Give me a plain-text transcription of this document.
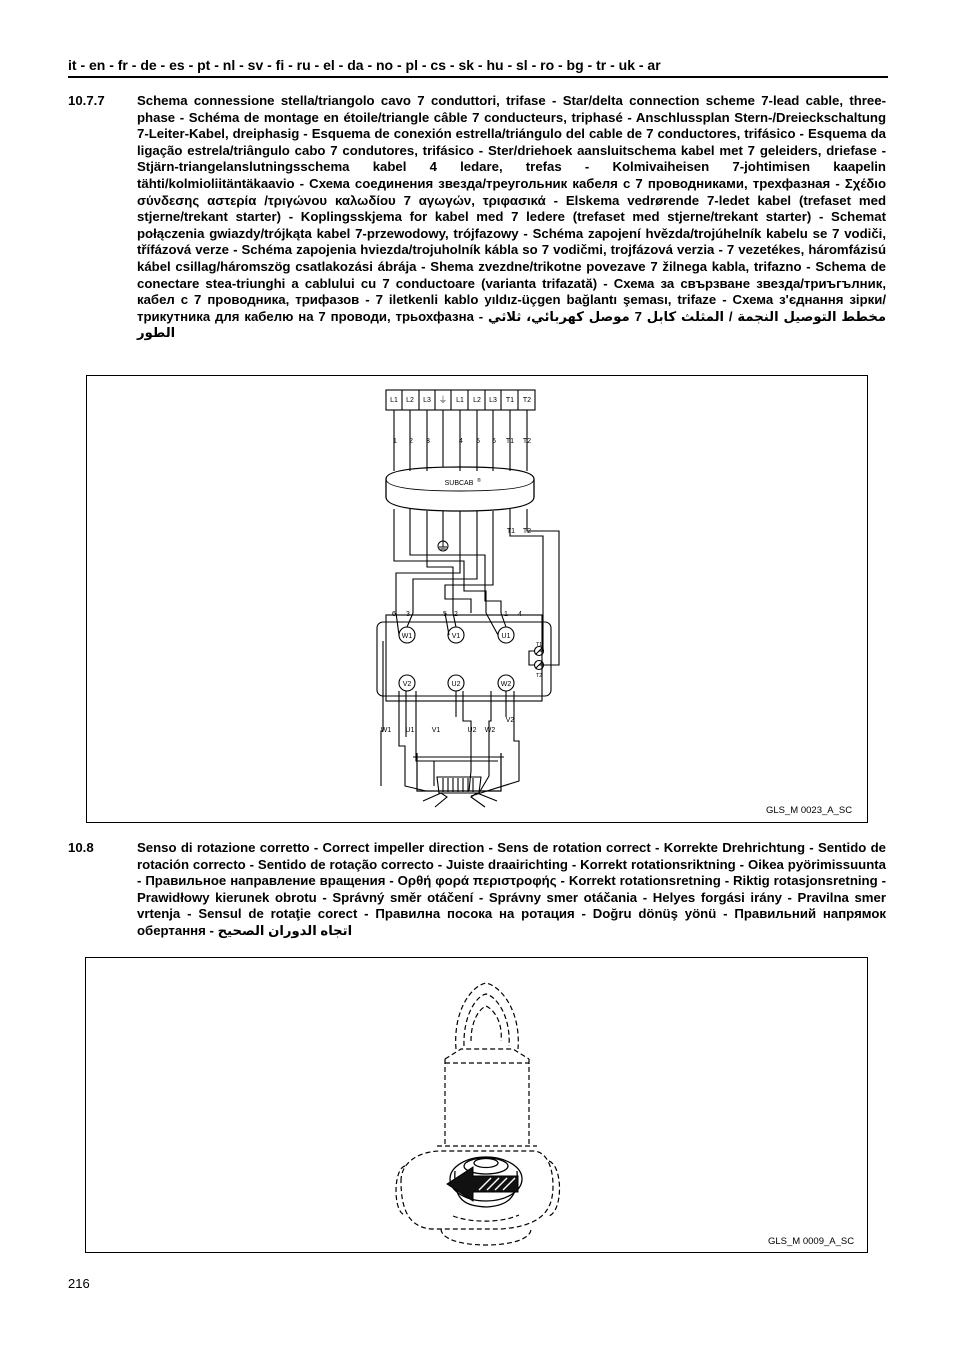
it - en - fr - de - es - pt - nl - sv - fi - ru - el - da - no - pl - cs - sk - hu - sl - ro - bg - tr - uk - ar
10.7.7 Schema connessione stella/triangolo cavo 7 conduttori, trifase - Star/delta connection scheme 7-lead cable, three-phase - Schéma de montage en étoile/triangle câble 7 conducteurs, triphasé - Anschlussplan Stern-/Dreieckschaltung 7-Leiter-Kabel, dreiphasig - Esquema de conexión estrella/triángulo del cable de 7 conductores, trifásico - Esquema da ligação estrela/triângulo cabo 7 condutores, trifásico - Ster/driehoek aansluitschema kabel met 7 geleiders, driefase - Stjärn-triangelanslutningsschema kabel 4 ledare, trefas - Kolmivaiheisen 7-johtimisen kaapelin tähti/kolmioliitäntäkaavio - Схема соединения звезда/треугольник кабеля с 7 проводниками, трехфазная - Σχέδιο σύνδεσης αστερία /τριγώνου καλωδίου 7 αγωγών, τριφασικά - Elskema vedrørende 7-ledet kabel (trefaset med stjerne/trekant starter) - Koplingsskjema for kabel med 7 ledere (trefaset med stjerne/trekant starter) - Schemat połączenia gwiazdy/trójkąta kabel 7-przewodowy, trójfazowy - Schéma zapojení hvězda/trojúhelník kabelu se 7 vodiči, třífázová verze - Schéma zapojenia hviezda/trojuholník kábla so 7 vodičmi, trojfázová verzia - 7 vezetékes, háromfázisú kábel csillag/háromszög csatlakozási ábrája - Shema zvezdne/trikotne povezave 7 žilnega kabla, trifazno - Schema de conectare stea-triunghi a cablului cu 7 conductoare (varianta trifazată) - Схема за свързване звезда/триъгълник, кабел с 7 проводника, трифазов - 7 iletkenli kablo yıldız-üçgen bağlantı şeması, trifaze - Схема з'єднання зірки/трикутника для кабелю на 7 проводи, трьохфазна - مخطط التوصيل النجمة / المثلث كابل 7 موصل كهربائي، ثلاثي الطور
L1 L2 L3 ⏚ L1 L2 L3 T1 T2
1 2 3	4 5 6 T1 T2
SUBCAB ®
T1 T2
6 3	5 2	1 4
W1	V1	U1
V2	U2	W2
T1
T2
W1 U1 V1	U2 W2
V2
GLS_M 0023_A_SC
10.8	Senso di rotazione corretto - Correct impeller direction - Sens de rotation correct - Korrekte Drehrichtung - Sentido de rotación correcto - Sentido de rotação correcto - Juiste draairichting - Korrekt rotationsriktning - Oikea pyörimissuunta - Правильное направление вращения - Ορθή φορά περιστροφής - Korrekt rotationsretning - Riktig rotasjonsretning - Prawidłowy kierunek obrotu - Správný směr otáčení - Správny smer otáčania - Helyes forgási irány - Pravilna smer vrtenja - Sensul de rotaţie corect - Правилна посока на ротация - Doğru dönüş yönü - Правильний напрямок обертання - اتجاه الدوران الصحيح
GLS_M 0009_A_SC
216
